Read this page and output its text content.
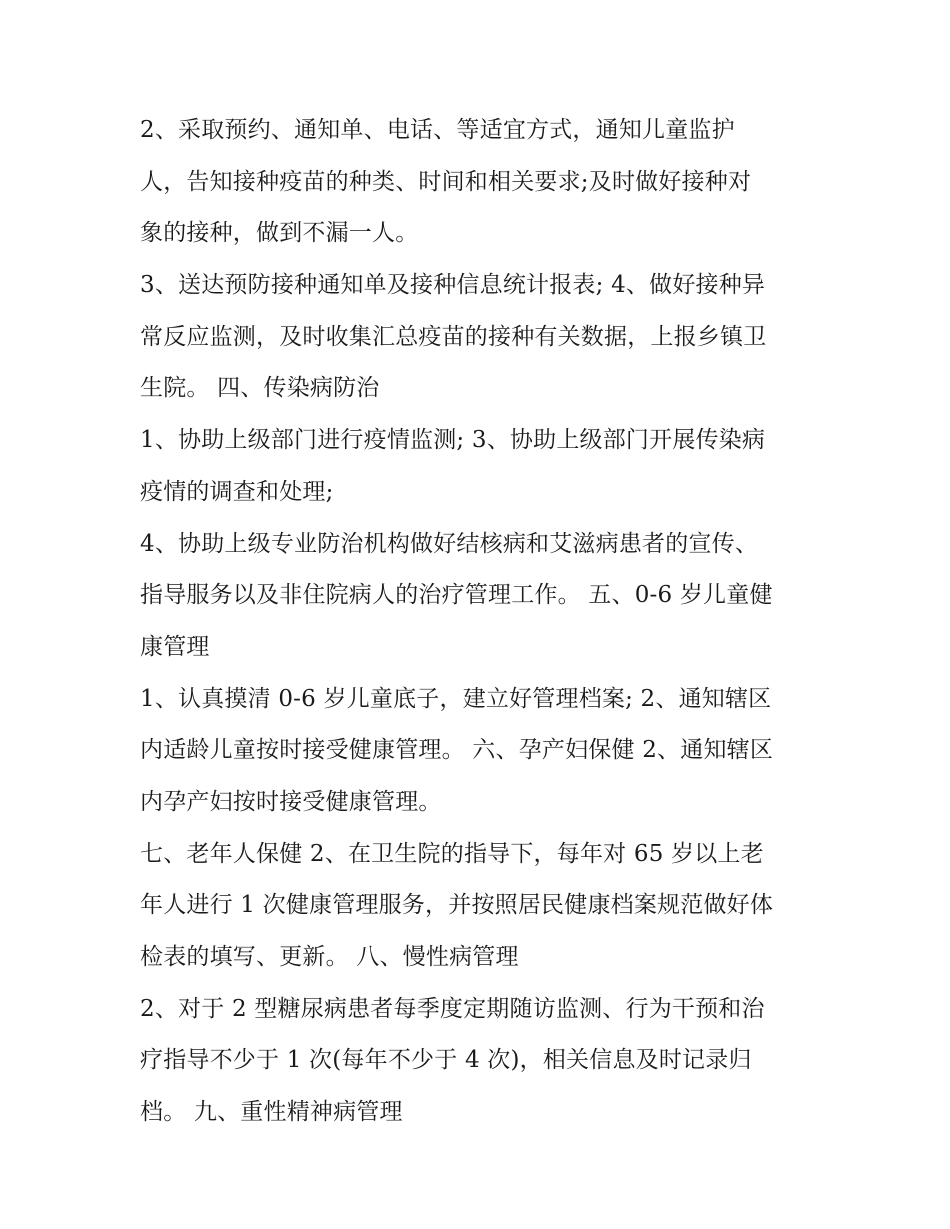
2、采取预约、通知单、电话、等适宜方式，通知儿童监护
人，告知接种疫苗的种类、时间和相关要求;及时做好接种对
象的接种，做到不漏一人。
3、送达预防接种通知单及接种信息统计报表; 4、做好接种异
常反应监测，及时收集汇总疫苗的接种有关数据，上报乡镇卫
生院。 四、传染病防治
1、协助上级部门进行疫情监测; 3、协助上级部门开展传染病
疫情的调查和处理;
4、协助上级专业防治机构做好结核病和艾滋病患者的宣传、
指导服务以及非住院病人的治疗管理工作。 五、0-6 岁儿童健
康管理
1、认真摸清 0-6 岁儿童底子，建立好管理档案; 2、通知辖区
内适龄儿童按时接受健康管理。 六、孕产妇保健 2、通知辖区
内孕产妇按时接受健康管理。
七、老年人保健 2、在卫生院的指导下，每年对 65 岁以上老
年人进行 1 次健康管理服务，并按照居民健康档案规范做好体
检表的填写、更新。 八、慢性病管理
2、对于 2 型糖尿病患者每季度定期随访监测、行为干预和治
疗指导不少于 1 次(每年不少于 4 次)，相关信息及时记录归
档。 九、重性精神病管理
